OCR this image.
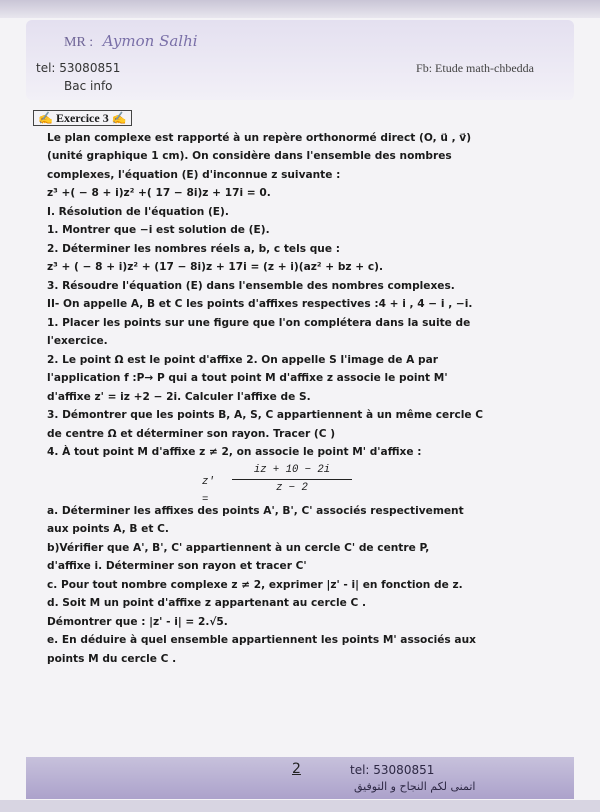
MR : Aymon Salhi
tel: 53080851	Fb: Etude math-chbedda
Bac info
✍ Exercice 3 ✍
Le plan complexe est rapporté à un repère orthonormé direct (O, u⃗ , v⃗)
(unité graphique 1 cm). On considère dans l'ensemble des nombres
complexes, l'équation (E) d'inconnue z suivante :
z³ +( − 8 + i)z² +( 17 − 8i)z + 17i = 0.
I. Résolution de l'équation (E).
1. Montrer que −i est solution de (E).
2. Déterminer les nombres réels a, b, c tels que :
z³ + ( − 8 + i)z² + (17 − 8i)z + 17i = (z + i)(az² + bz + c).
3. Résoudre l'équation (E) dans l'ensemble des nombres complexes.
II- On appelle A, B et C les points d'affixes respectives :4 + i , 4 − i , −i.
1. Placer les points sur une figure que l'on complétera dans la suite de
l'exercice.
2. Le point Ω est le point d'affixe 2. On appelle S l'image de A par
l'application f :P→ P qui a tout point M d'affixe z associe le point M'
d'affixe z' = iz +2 − 2i. Calculer l'affixe de S.
3. Démontrer que les points B, A, S, C appartiennent à un même cercle C
de centre Ω et déterminer son rayon. Tracer (C )
4. À tout point M d'affixe z ≠ 2, on associe le point M' d'affixe :
z' =
iz + 10 − 2i
z − 2
a. Déterminer les affixes des points A', B', C' associés respectivement
aux points A, B et C.
b)Vérifier que A', B', C' appartiennent à un cercle C' de centre P,
d'affixe i. Déterminer son rayon et tracer C'
c. Pour tout nombre complexe z ≠ 2, exprimer |z' - i| en fonction de z.
d. Soit M un point d'affixe z appartenant au cercle C .
Démontrer que : |z' - i| = 2.√5.
e. En déduire à quel ensemble appartiennent les points M' associés aux
points M du cercle C .
2	tel: 53080851
اتمنى لكم النجاح و التوفيق
